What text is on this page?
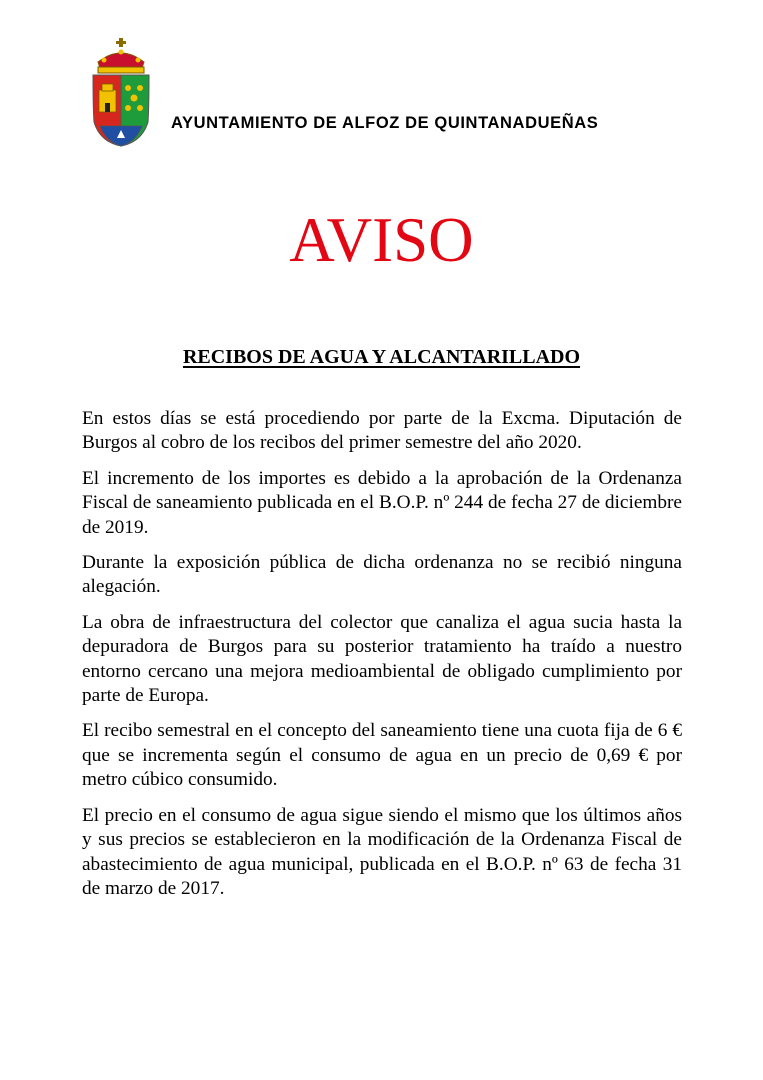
AYUNTAMIENTO DE ALFOZ DE QUINTANADUEÑAS
AVISO
RECIBOS DE AGUA Y ALCANTARILLADO

En estos días se está procediendo por parte de la Excma. Diputación de Burgos al cobro de los recibos del primer semestre del año 2020.

El incremento de los importes es debido a la aprobación de la Ordenanza Fiscal de saneamiento publicada en el B.O.P. nº 244 de fecha 27 de diciembre de 2019.

Durante la exposición pública de dicha ordenanza no se recibió ninguna alegación.

La obra de infraestructura del colector que canaliza el agua sucia hasta la depuradora de Burgos para su posterior tratamiento ha traído a nuestro entorno cercano una mejora medioambiental de obligado cumplimiento por parte de Europa.

El recibo semestral en el concepto del saneamiento tiene una cuota fija de 6 € que se incrementa según el consumo de agua en un precio de 0,69 € por metro cúbico consumido.

El precio en el consumo de agua sigue siendo el mismo que los últimos años y sus precios se establecieron en la modificación de la Ordenanza Fiscal de abastecimiento de agua municipal, publicada en el B.O.P. nº 63 de fecha 31 de marzo de 2017.
